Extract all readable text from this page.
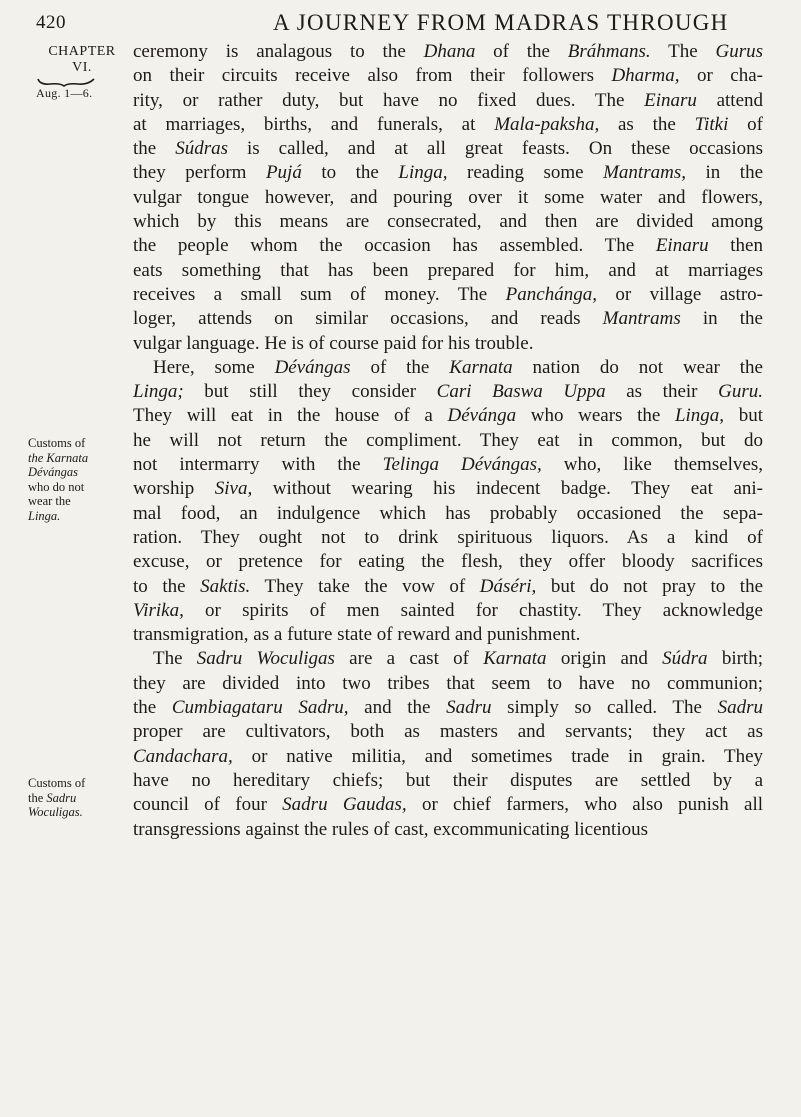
420	A JOURNEY FROM MADRAS THROUGH
CHAPTER
VI.
Aug. 1—6.
Customs of
the Karnata
Dévángas
who do not
wear the
Linga.
Customs of
the Sadru
Woculigas.
ceremony is analagous to the Dhana of the Bráhmans. The Gurus
on their circuits receive also from their followers Dharma, or cha-
rity, or rather duty, but have no fixed dues. The Einaru attend
at marriages, births, and funerals, at Mala-paksha, as the Titki of
the Súdras is called, and at all great feasts. On these occasions
they perform Pujá to the Linga, reading some Mantrams, in the
vulgar tongue however, and pouring over it some water and flowers,
which by this means are consecrated, and then are divided among
the people whom the occasion has assembled. The Einaru then
eats something that has been prepared for him, and at marriages
receives a small sum of money. The Panchánga, or village astro-
loger, attends on similar occasions, and reads Mantrams in the
vulgar language. He is of course paid for his trouble.
Here, some Dévángas of the Karnata nation do not wear the
Linga; but still they consider Cari Baswa Uppa as their Guru.
They will eat in the house of a Dévánga who wears the Linga, but
he will not return the compliment. They eat in common, but do
not intermarry with the Telinga Dévángas, who, like themselves,
worship Siva, without wearing his indecent badge. They eat ani-
mal food, an indulgence which has probably occasioned the sepa-
ration. They ought not to drink spirituous liquors. As a kind of
excuse, or pretence for eating the flesh, they offer bloody sacrifices
to the Saktis. They take the vow of Dáséri, but do not pray to the
Virika, or spirits of men sainted for chastity. They acknowledge
transmigration, as a future state of reward and punishment.
The Sadru Woculigas are a cast of Karnata origin and Súdra birth;
they are divided into two tribes that seem to have no communion;
the Cumbiagataru Sadru, and the Sadru simply so called. The Sadru
proper are cultivators, both as masters and servants; they act as
Candachara, or native militia, and sometimes trade in grain. They
have no hereditary chiefs; but their disputes are settled by a
council of four Sadru Gaudas, or chief farmers, who also punish all
transgressions against the rules of cast, excommunicating licentious
